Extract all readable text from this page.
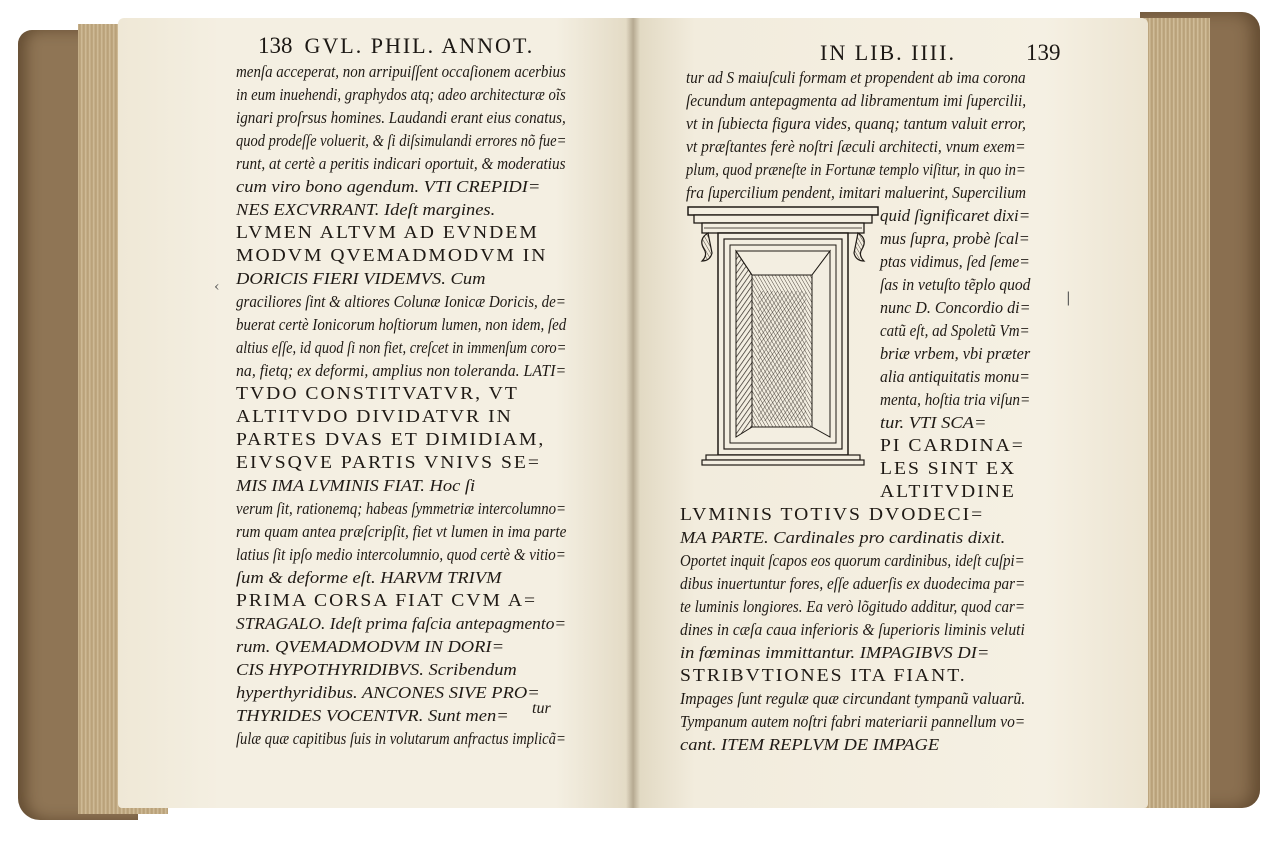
138 GVL. PHIL. ANNOT.
menſa acceperat, non arripuiſſent occaſionem acerbius
in eum inuehendi, graphydos atq; adeo architecturæ oĩs
ignari proſrsus homines. Laudandi erant eius conatus,
quod prodeſſe voluerit, & ſi diſsimulandi errores nõ fue=
runt, at certè a peritis indicari oportuit, & moderatius
cum viro bono agendum. VTI CREPIDI=
NES EXCVRRANT. Ideſt margines.
LVMEN ALTVM AD EVNDEM
MODVM QVEMADMODVM IN
DORICIS FIERI VIDEMVS. Cum
graciliores ſint & altiores Colunæ Ionicæ Doricis, de=
buerat certè Ionicorum hoſtiorum lumen, non idem, ſed
altius eſſe, id quod ſi non fiet, creſcet in immenſum coro=
na, fietq; ex deformi, amplius non toleranda. LATI=
TVDO CONSTITVATVR, VT
ALTITVDO DIVIDATVR IN
PARTES DVAS ET DIMIDIAM,
EIVSQVE PARTIS VNIVS SE=
MIS IMA LVMINIS FIAT. Hoc ſi
verum ſit, rationemq; habeas ſymmetriæ intercolumno=
rum quam antea præſcripſit, fiet vt lumen in ima parte
latius ſit ipſo medio intercolumnio, quod certè & vitio=
ſum & deforme eſt. HARVM TRIVM
PRIMA CORSA FIAT CVM A=
STRAGALO. Ideſt prima faſcia antepagmento=
rum. QVEMADMODVM IN DORI=
CIS HYPOTHYRIDIBVS. Scribendum
hyperthyridibus. ANCONES SIVE PRO=
THYRIDES VOCENTVR. Sunt men=
ſulæ quæ capitibus ſuis in volutarum anfractus implicã=
tur
‹
IN LIB. IIII.	139
tur ad S maiuſculi formam et propendent ab ima corona
ſecundum antepagmenta ad libramentum imi ſupercilii,
vt in ſubiecta figura vides, quanq; tantum valuit error,
vt præſtantes ferè noſtri ſæculi architecti, vnum exem=
plum, quod præneſte in Fortunæ templo viſitur, in quo in=
fra ſupercilium pendent, imitari maluerint, Supercilium
quid ſignificaret dixi=
mus ſupra, probè ſcal=
ptas vidimus, ſed ſeme=
ſas in vetuſto tẽplo quod
nunc D. Concordio di=
catũ eſt, ad Spoletũ Vm=
briæ vrbem, vbi præter
alia antiquitatis monu=
menta, hoſtia tria viſun=
tur. VTI SCA=
PI CARDINA=
LES SINT EX
ALTITVDINE
LVMINIS TOTIVS DVODECI=
MA PARTE. Cardinales pro cardinatis dixit.
Oportet inquit ſcapos eos quorum cardinibus, ideſt cuſpi=
dibus inuertuntur fores, eſſe aduerſis ex duodecima par=
te luminis longiores. Ea verò lõgitudo additur, quod car=
dines in cæſa caua inferioris & ſuperioris liminis veluti
in fœminas immittantur. IMPAGIBVS DI=
STRIBVTIONES ITA FIANT.
Impages ſunt regulæ quæ circundant tympanũ valuarũ.
Tympanum autem noſtri fabri materiarii pannellum vo=
cant. ITEM REPLVM DE IMPAGE
|
